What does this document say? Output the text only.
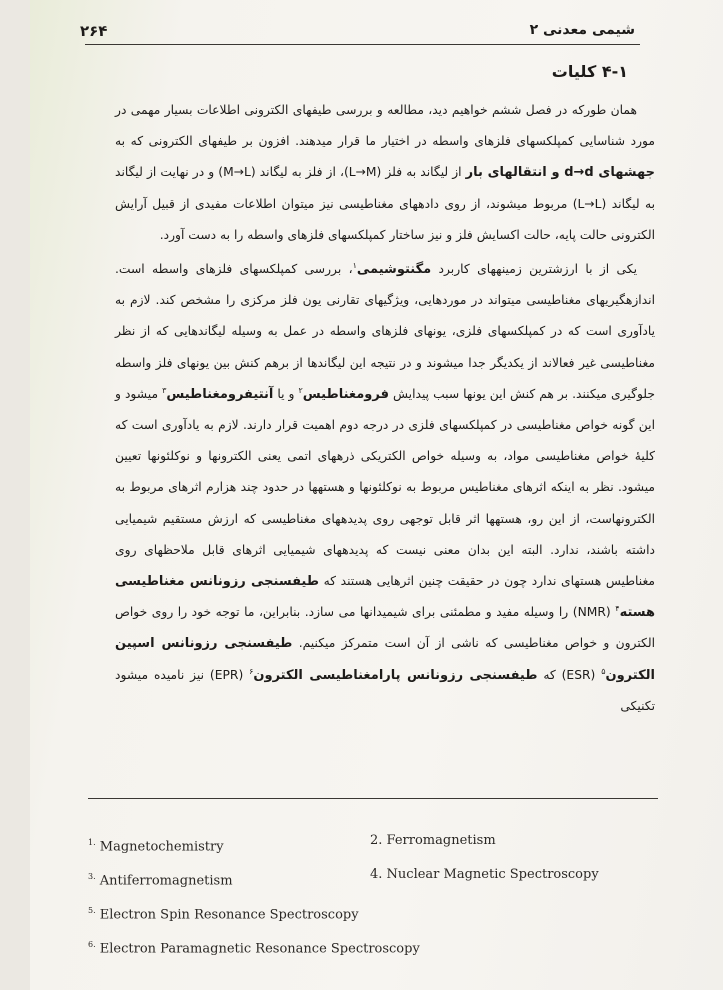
شیمی معدنی ۲
۲۶۴
۴-۱ کلیات

همان طورکه در فصل ششم خواهیم دید، مطالعه و بررسی طیفهای الکترونی اطلاعات بسیار مهمی در مورد شناسایی کمپلکسهای فلزهای واسطه در اختیار ما قرار میدهند. افزون بر طیفهای الکترونی که به جهشهای d→d و انتقالهای بار از لیگاند به فلز (L→M)، از فلز به لیگاند (M→L) و در نهایت از لیگاند به لیگاند (L→L) مربوط میشوند، از روی دادههای مغناطیسی نیز میتوان اطلاعات مفیدی از قبیل آرایش الکترونی حالت پایه، حالت اکسایش فلز و نیز ساختار کمپلکسهای فلزهای واسطه را به دست آورد.

یکی از با ارزشترین زمینههای کاربرد مگنتوشیمی$^۱$، بررسی کمپلکسهای فلزهای واسطه است. اندازهگیریهای مغناطیسی میتواند در موردهایی، ویژگیهای تقارنی یون فلز مرکزی را مشخص کند. لازم به یادآوری است که در کمپلکسهای فلزی، یونهای فلزهای واسطه در عمل به وسیله لیگاندهایی که از نظر مغناطیسی غیر فعالاند از یکدیگر جدا میشوند و در نتیجه این لیگاندها از برهم کنش بین یونهای فلز واسطه جلوگیری میکنند. بر هم کنش این یونها سبب پیدایش فرومغناطیس$^۲$ و یا آنتیفرومغناطیس$^۳$ میشود و این گونه خواص مغناطیسی در کمپلکسهای فلزی در درجه دوم اهمیت قرار دارند. لازم به یادآوری است که کلیهٔ خواص مغناطیسی مواد، به وسیله خواص الکتریکی ذرههای اتمی یعنی الکترونها و نوکلئونها تعیین میشود. نظر به اینکه اثرهای مغناطیس مربوط به نوکلئونها و هستهها در حدود چند هزارم اثرهای مربوط به الکترونهاست، از این رو، هستهها اثر قابل توجهی روی پدیدههای مغناطیسی که ارزش مستقیم شیمیایی داشته باشند، ندارد. البته این بدان معنی نیست که پدیدههای شیمیایی اثرهای قابل ملاحظهای روی مغناطیس هستهای ندارد چون در حقیقت چنین اثرهایی هستند که طیفسنجی رزونانس مغناطیسی هسته$^۴$ (NMR) را وسیله مفید و مطمئنی برای شیمیدانها می سازد. بنابراین، ما توجه خود را روی خواص الکترون و خواص مغناطیسی که ناشی از آن است متمرکز میکنیم. طیفسنجی رزونانس اسپین الکترون$^۵$ (ESR) که طیفسنجی رزونانس پارامغناطیسی الکترون$^۶$ (EPR) نیز نامیده میشود تکنیکی

$^{1.}$ Magnetochemistry	2. Ferromagnetism
$^{3.}$ Antiferromagnetism	4. Nuclear Magnetic Spectroscopy
$^{5.}$ Electron Spin Resonance Spectroscopy
$^{6.}$ Electron Paramagnetic Resonance Spectroscopy
